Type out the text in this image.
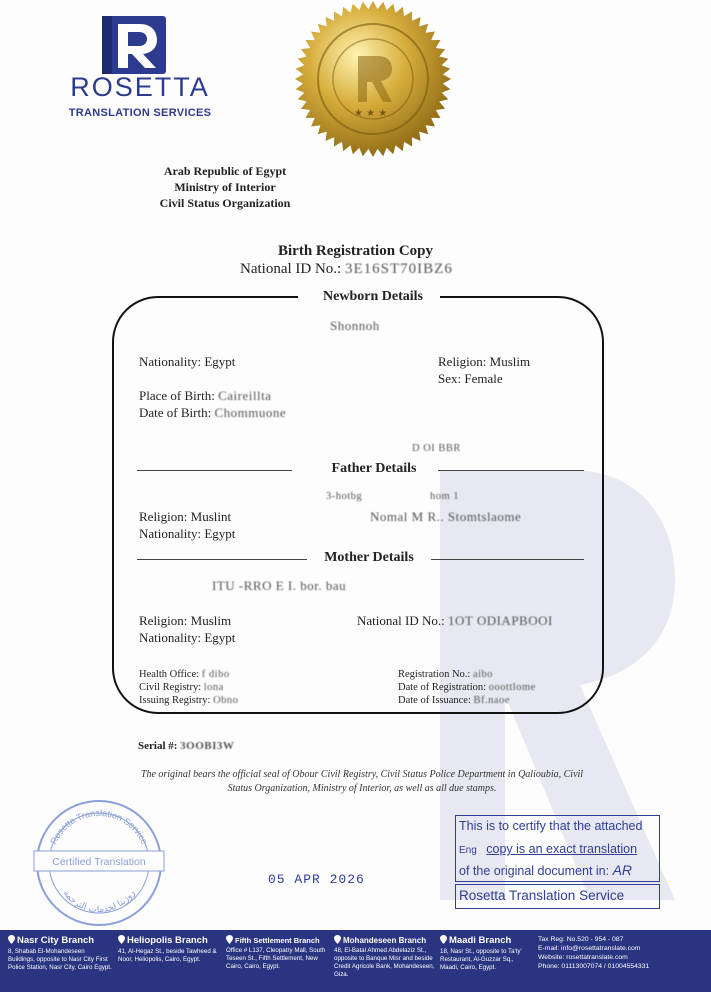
ROSETTA
TRANSLATION SERVICES	★ ★ ★
Arab Republic of Egypt
Ministry of Interior
Civil Status Organization
Birth Registration Copy
National ID No.: 3E16ST70IBZ6
Newborn Details
Shonnoh
Nationality: Egypt	Religion: Muslim
Sex: Female
Place of Birth: Caireillta
Date of Birth: Chommuone
D OI BBR
Father Details
3-hotbg	hom 1
Religion: Muslint	Nomal M R.. Stomtslaome
Nationality: Egypt
Mother Details
ITU -RRO E I. bor. bau
Religion: Muslim	National ID No.: 1OT ODIAPBOOI
Nationality: Egypt
Health Office: f dibo
Civil Registry: lona
Issuing Registry: Obno
Registration No.: aibo
Date of Registration: ooottlome
Date of Issuance: Bf.naoe
Serial #: 3OOBI3W
The original bears the official seal of Obour Civil Registry, Civil Status Police Department in Qalioubia, Civil Status Organization, Ministry of Interior, as well as all due stamps.
Rosetta Translation Service
Certified Translation
روزيتا لخدمات الترجمة
05 APR 2026
This is to certify that the attached
Eng copy is an exact translation
of the original document in: AR
Rosetta Translation Service
Nasr City Branch
8, Shabab El-Mohandeseen Buildings, opposite to Nasr City First Police Station, Nasr City, Cairo Egypt.
Heliopolis Branch
41, Al-Hegaz St., beside Tawheed & Noor, Heliopolis, Cairo, Egypt.
Fifth Settlement Branch
Office # L137, Cleopatry Mall, South Teseen St., Fifth Settlement, New Cairo, Cairo, Egypt.
Mohandeseen Branch
48, El-Batal Ahmed Abdelaziz St., opposite to Banque Misr and beside Credit Agricole Bank, Mohandeseen, Giza.
Maadi Branch
18, Nasr St., opposite to Ta'ty' Restaurant, Al-Guzzar Sq., Maadi, Cairo, Egypt.
Tax Reg: No.520 - 954 - 087
E-mail: info@rosettatranslate.com
Website: rosettatranslate.com
Phone: 01113007074 / 01004554331
